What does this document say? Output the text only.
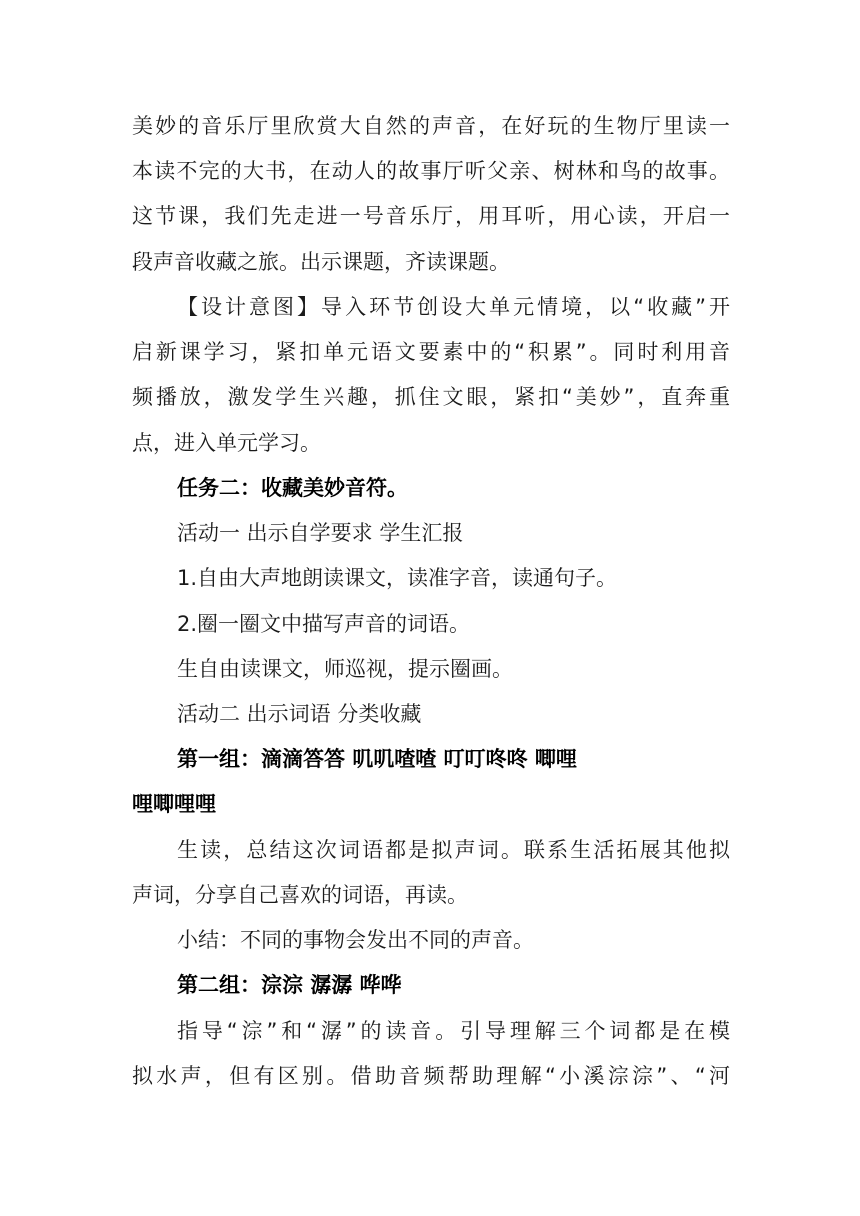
美妙的音乐厅里欣赏大自然的声音，在好玩的生物厅里读一

本读不完的大书，在动人的故事厅听父亲、树林和鸟的故事。

这节课，我们先走进一号音乐厅，用耳听，用心读，开启一

段声音收藏之旅。出示课题，齐读课题。

【设计意图】导入环节创设大单元情境，以“收藏”开

启新课学习，紧扣单元语文要素中的“积累”。同时利用音

频播放，激发学生兴趣，抓住文眼，紧扣“美妙”，直奔重

点，进入单元学习。

任务二：收藏美妙音符。

活动一 出示自学要求 学生汇报

1.自由大声地朗读课文，读准字音，读通句子。

2.圈一圈文中描写声音的词语。

生自由读课文，师巡视，提示圈画。

活动二 出示词语 分类收藏

第一组：滴滴答答 叽叽喳喳 叮叮咚咚 唧哩

哩唧哩哩

生读，总结这次词语都是拟声词。联系生活拓展其他拟

声词，分享自己喜欢的词语，再读。

小结：不同的事物会发出不同的声音。

第二组：淙淙 潺潺 哗哗

指导“淙”和“潺”的读音。引导理解三个词都是在模

拟水声，但有区别。借助音频帮助理解“小溪淙淙”、“河
